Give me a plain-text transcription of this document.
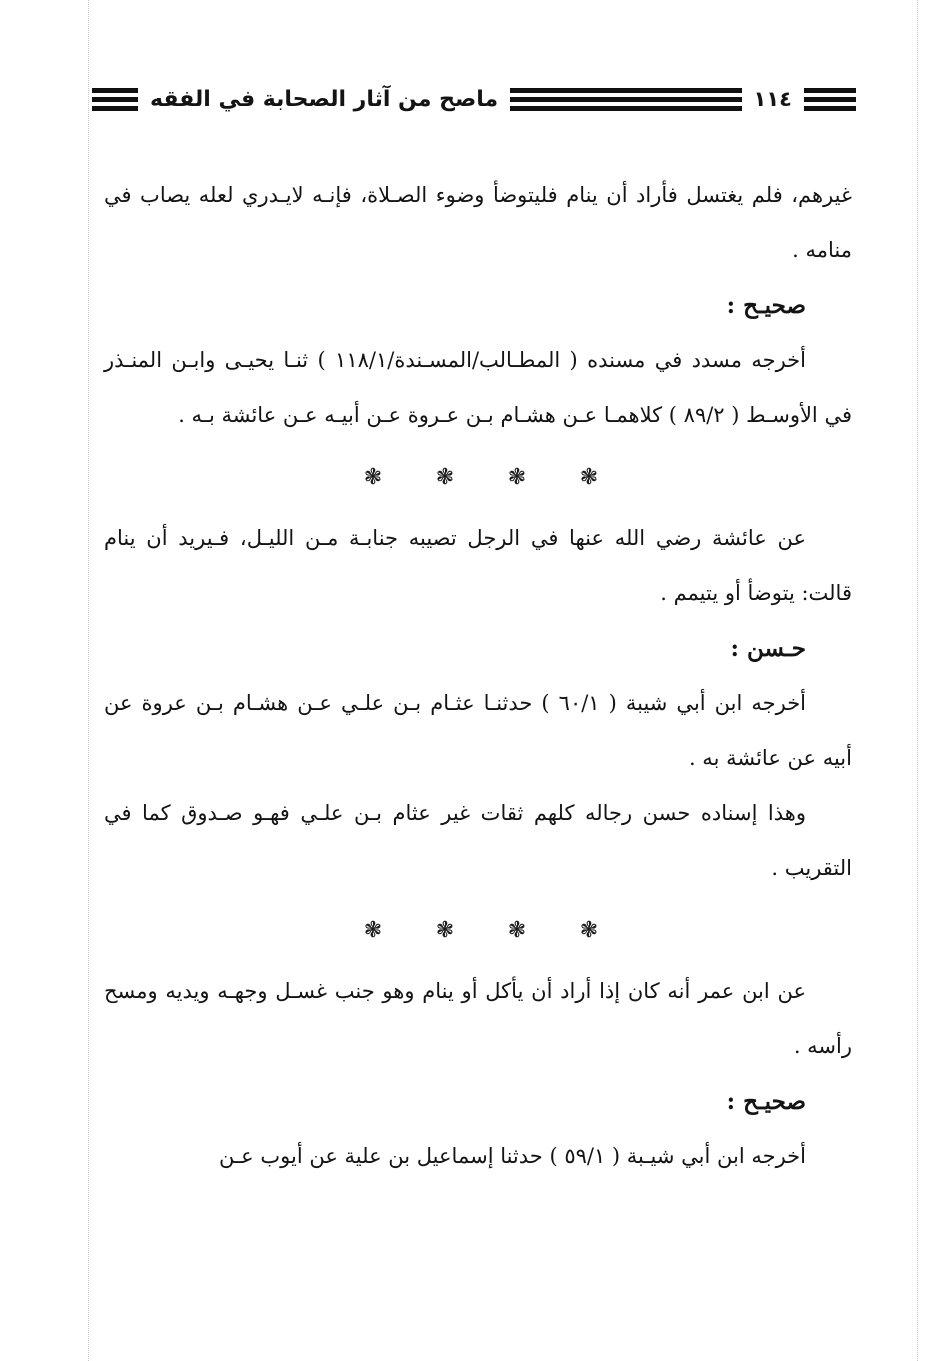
ماصح من آثار الصحابة في الفقه	١١٤

غيرهم، فلم يغتسل فأراد أن ينام فليتوضأ وضوء الصـلاة، فإنـه لايـدري لعله يصاب في منامه .

صحيـح :

أخرجه مسدد في مسنده ( المطـالب/المسـندة/١١٨/١ ) ثنـا يحيـى وابـن المنـذر في الأوسـط ( ٨٩/٢ ) كلاهمـا عـن هشـام بـن عـروة عـن أبيـه عـن عائشة بـه .

❃ ❃ ❃ ❃

عن عائشة رضي الله عنها في الرجل تصيبه جنابـة مـن الليـل، فـيريد أن ينام قالت: يتوضأ أو يتيمم .

حـسن :

أخرجه ابن أبي شيبة ( ٦٠/١ ) حدثنـا عثـام بـن علـي عـن هشـام بـن عروة عن أبيه عن عائشة به .

وهذا إسناده حسن رجاله كلهم ثقات غير عثام بـن علـي فهـو صـدوق كما في التقريب .

❃ ❃ ❃ ❃

عن ابن عمر أنه كان إذا أراد أن يأكل أو ينام وهو جنب غسـل وجهـه ويديه ومسح رأسه .

صحيـح :

أخرجه ابن أبي شيـبة ( ٥٩/١ ) حدثنا إسماعيل بن علية عن أيوب عـن
